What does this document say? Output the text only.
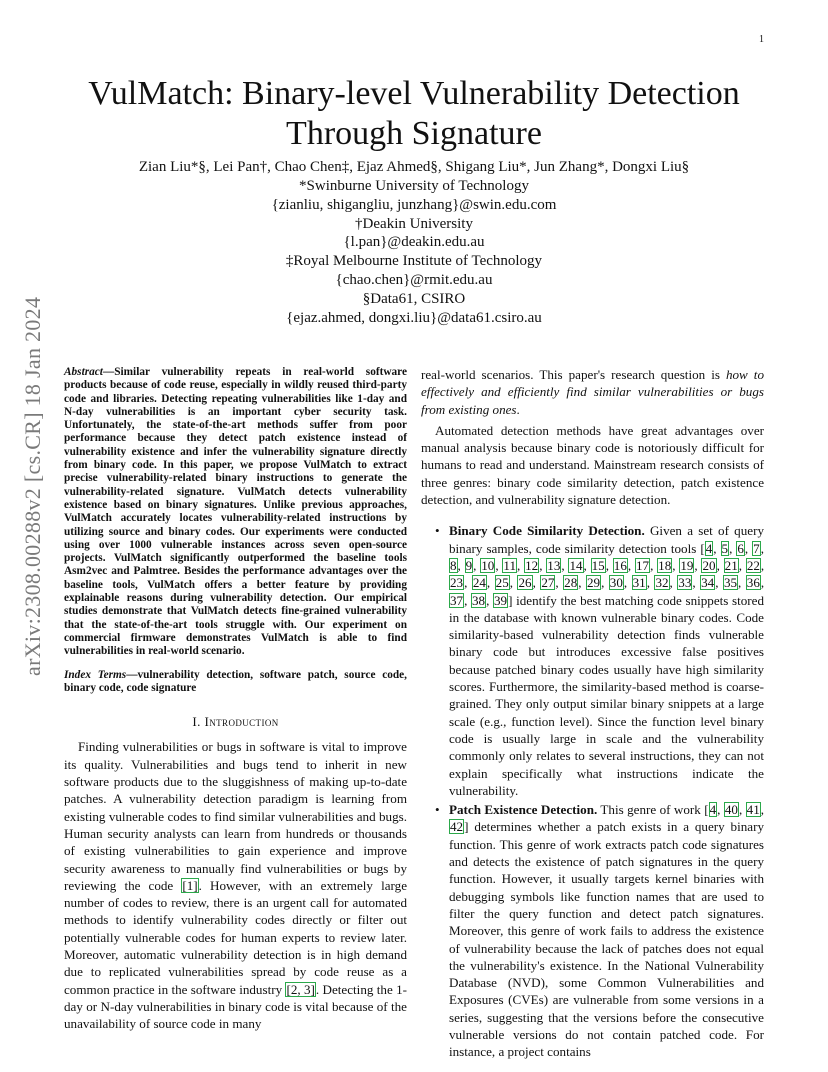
1
arXiv:2308.00288v2 [cs.CR] 18 Jan 2024
VulMatch: Binary-level Vulnerability Detection
Through Signature
Zian Liu*§, Lei Pan†, Chao Chen‡, Ejaz Ahmed§, Shigang Liu*, Jun Zhang*, Dongxi Liu§
*Swinburne University of Technology
{zianliu, shigangliu, junzhang}@swin.edu.com
†Deakin University
{l.pan}@deakin.edu.au
‡Royal Melbourne Institute of Technology
{chao.chen}@rmit.edu.au
§Data61, CSIRO
{ejaz.ahmed, dongxi.liu}@data61.csiro.au
Abstract—Similar vulnerability repeats in real-world software products because of code reuse, especially in wildly reused third-party code and libraries. Detecting repeating vulnerabilities like 1-day and N-day vulnerabilities is an important cyber security task. Unfortunately, the state-of-the-art methods suffer from poor performance because they detect patch existence instead of vulnerability existence and infer the vulnerability signature directly from binary code. In this paper, we propose VulMatch to extract precise vulnerability-related binary instructions to generate the vulnerability-related signature. VulMatch detects vulnerability existence based on binary signatures. Unlike previous approaches, VulMatch accurately locates vulnerability-related instructions by utilizing source and binary codes. Our experiments were conducted using over 1000 vulnerable instances across seven open-source projects. VulMatch significantly outperformed the baseline tools Asm2vec and Palmtree. Besides the performance advantages over the baseline tools, VulMatch offers a better feature by providing explainable reasons during vulnerability detection. Our empirical studies demonstrate that VulMatch detects fine-grained vulnerability that the state-of-the-art tools struggle with. Our experiment on commercial firmware demonstrates VulMatch is able to find vulnerabilities in real-world scenario.
Index Terms—vulnerability detection, software patch, source code, binary code, code signature
I. Introduction

Finding vulnerabilities or bugs in software is vital to improve its quality. Vulnerabilities and bugs tend to inherit in new software products due to the sluggishness of making up-to-date patches. A vulnerability detection paradigm is learning from existing vulnerable codes to find similar vulnerabilities and bugs. Human security analysts can learn from hundreds or thousands of existing vulnerabilities to gain experience and improve security awareness to manually find vulnerabilities or bugs by reviewing the code [1]. However, with an extremely large number of codes to review, there is an urgent call for automated methods to identify vulnerability codes directly or filter out potentially vulnerable codes for human experts to review later. Moreover, automatic vulnerability detection is in high demand due to replicated vulnerabilities spread by code reuse as a common practice in the software industry [2, 3]. Detecting the 1-day or N-day vulnerabilities in binary code is vital because of the unavailability of source code in many

real-world scenarios. This paper's research question is how to effectively and efficiently find similar vulnerabilities or bugs from existing ones.

Automated detection methods have great advantages over manual analysis because binary code is notoriously difficult for humans to read and understand. Mainstream research consists of three genres: binary code similarity detection, patch existence detection, and vulnerability signature detection.

• Binary Code Similarity Detection. Given a set of query binary samples, code similarity detection tools [4, 5, 6, 7, 8, 9, 10, 11, 12, 13, 14, 15, 16, 17, 18, 19, 20, 21, 22, 23, 24, 25, 26, 27, 28, 29, 30, 31, 32, 33, 34, 35, 36, 37, 38, 39] identify the best matching code snippets stored in the database with known vulnerable binary codes. Code similarity-based vulnerability detection finds vulnerable binary code but introduces excessive false positives because patched binary codes usually have high similarity scores. Furthermore, the similarity-based method is coarse-grained. They only output similar binary snippets at a large scale (e.g., function level). Since the function level binary code is usually large in scale and the vulnerability commonly only relates to several instructions, they can not explain specifically what instructions indicate the vulnerability.
• Patch Existence Detection. This genre of work [4, 40, 41, 42] determines whether a patch exists in a query binary function. This genre of work extracts patch code signatures and detects the existence of patch signatures in the query function. However, it usually targets kernel binaries with debugging symbols like function names that are used to filter the query function and detect patch signatures. Moreover, this genre of work fails to address the existence of vulnerability because the lack of patches does not equal the vulnerability's existence. In the National Vulnerability Database (NVD), some Common Vulnerabilities and Exposures (CVEs) are vulnerable from some versions in a series, suggesting that the versions before the consecutive vulnerable versions do not contain patched code. For instance, a project contains
